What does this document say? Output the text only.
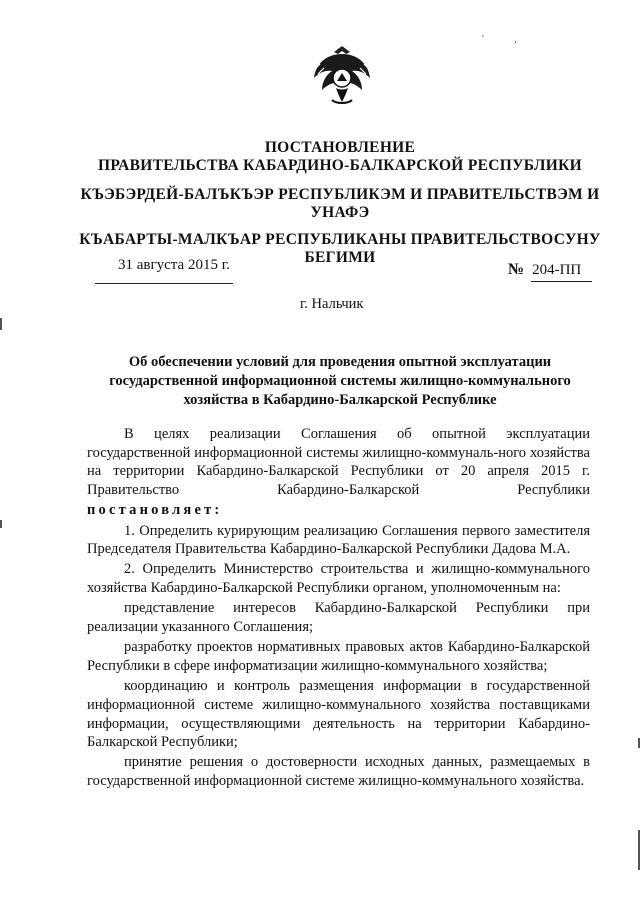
' ,
ПОСТАНОВЛЕНИЕ
ПРАВИТЕЛЬСТВА КАБАРДИНО-БАЛКАРСКОЙ РЕСПУБЛИКИ
КЪЭБЭРДЕЙ-БАЛЪКЪЭР РЕСПУБЛИКЭМ И ПРАВИТЕЛЬСТВЭМ И
УНАФЭ
КЪАБАРТЫ-МАЛКЪАР РЕСПУБЛИКАНЫ ПРАВИТЕЛЬСТВОСУНУ
БЕГИМИ
31 августа 2015 г.	№ 204-ПП
г. Нальчик
Об обеспечении условий для проведения опытной эксплуатации
государственной информационной системы жилищно-коммунального
хозяйства в Кабардино-Балкарской Республике

В целях реализации Соглашения об опытной эксплуатации государственной информационной системы жилищно-коммуналь-ного хозяйства на территории Кабардино-Балкарской Республики от 20 апреля 2015 г. Правительство Кабардино-Балкарской Республики

постановляет:

1. Определить курирующим реализацию Соглашения первого заместителя Председателя Правительства Кабардино-Балкарской Республики Дадова М.А.

2. Определить Министерство строительства и жилищно-коммунального хозяйства Кабардино-Балкарской Республики органом, уполномоченным на:

представление интересов Кабардино-Балкарской Республики при реализации указанного Соглашения;

разработку проектов нормативных правовых актов Кабардино-Балкарской Республики в сфере информатизации жилищно-коммунального хозяйства;

координацию и контроль размещения информации в государственной информационной системе жилищно-коммунального хозяйства поставщиками информации, осуществляющими деятельность на территории Кабардино-Балкарской Республики;

принятие решения о достоверности исходных данных, размещаемых в государственной информационной системе жилищно-коммунального хозяйства.
